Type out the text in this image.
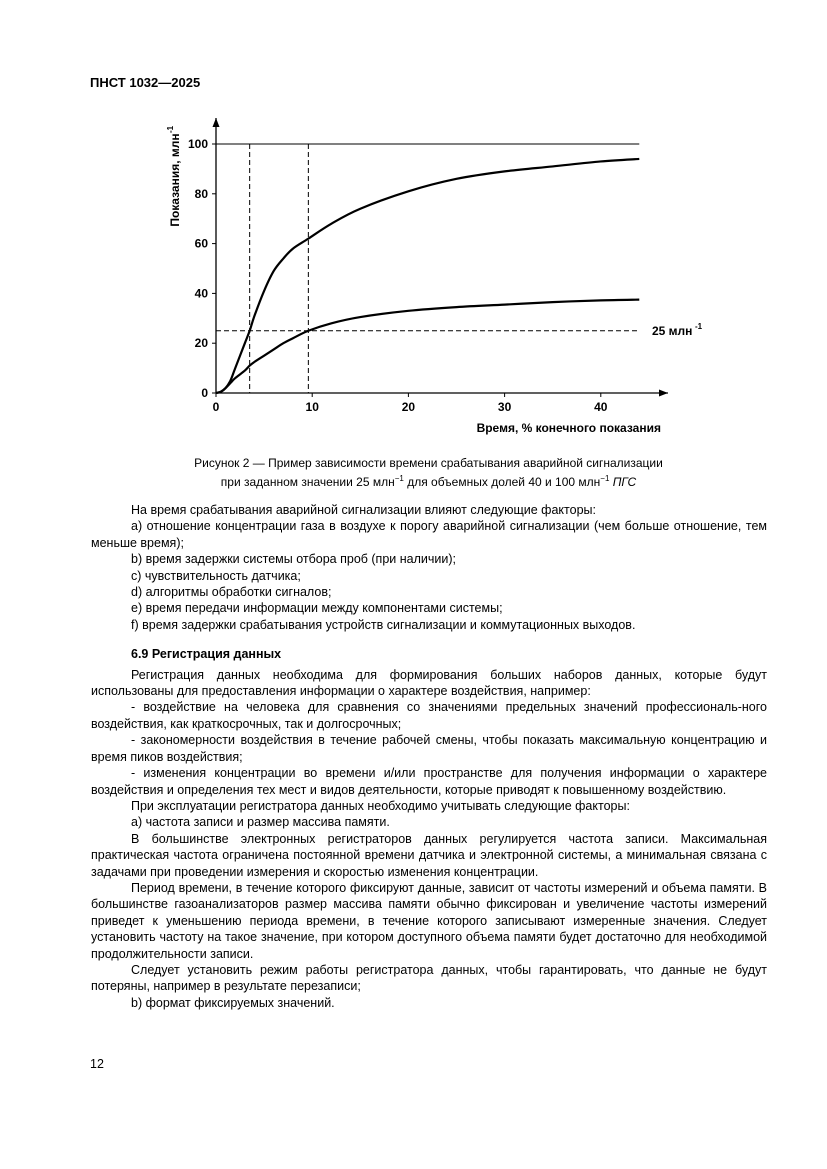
ПНСТ 1032—2025
0	10	20	30	40
0
20
40
60
80
100
Время, % конечного показания
Показания, млн
-1
25 млн -1
Рисунок 2 — Пример зависимости времени срабатывания аварийной сигнализации
при заданном значении 25 млн$^{-1}$ для объемных долей 40 и 100 млн$^{-1}$ ПГС

На время срабатывания аварийной сигнализации влияют следующие факторы:

а) отношение концентрации газа в воздухе к порогу аварийной сигнализации (чем больше отношение, тем меньше время);

b) время задержки системы отбора проб (при наличии);

с) чувствительность датчика;

d) алгоритмы обработки сигналов;

е) время передачи информации между компонентами системы;

f) время задержки срабатывания устройств сигнализации и коммутационных выходов.

6.9 Регистрация данных

Регистрация данных необходима для формирования больших наборов данных, которые будут использованы для предоставления информации о характере воздействия, например:

- воздействие на человека для сравнения со значениями предельных значений профессиональ-ного воздействия, как краткосрочных, так и долгосрочных;

- закономерности воздействия в течение рабочей смены, чтобы показать максимальную концентрацию и время пиков воздействия;

- изменения концентрации во времени и/или пространстве для получения информации о характере воздействия и определения тех мест и видов деятельности, которые приводят к повышенному воздействию.

При эксплуатации регистратора данных необходимо учитывать следующие факторы:

а) частота записи и размер массива памяти.

В большинстве электронных регистраторов данных регулируется частота записи. Максимальная практическая частота ограничена постоянной времени датчика и электронной системы, а минимальная связана с задачами при проведении измерения и скоростью изменения концентрации.

Период времени, в течение которого фиксируют данные, зависит от частоты измерений и объема памяти. В большинстве газоанализаторов размер массива памяти обычно фиксирован и увеличение частоты измерений приведет к уменьшению периода времени, в течение которого записывают измеренные значения. Следует установить частоту на такое значение, при котором доступного объема памяти будет достаточно для необходимой продолжительности записи.

Следует установить режим работы регистратора данных, чтобы гарантировать, что данные не будут потеряны, например в результате перезаписи;

b) формат фиксируемых значений.

12
